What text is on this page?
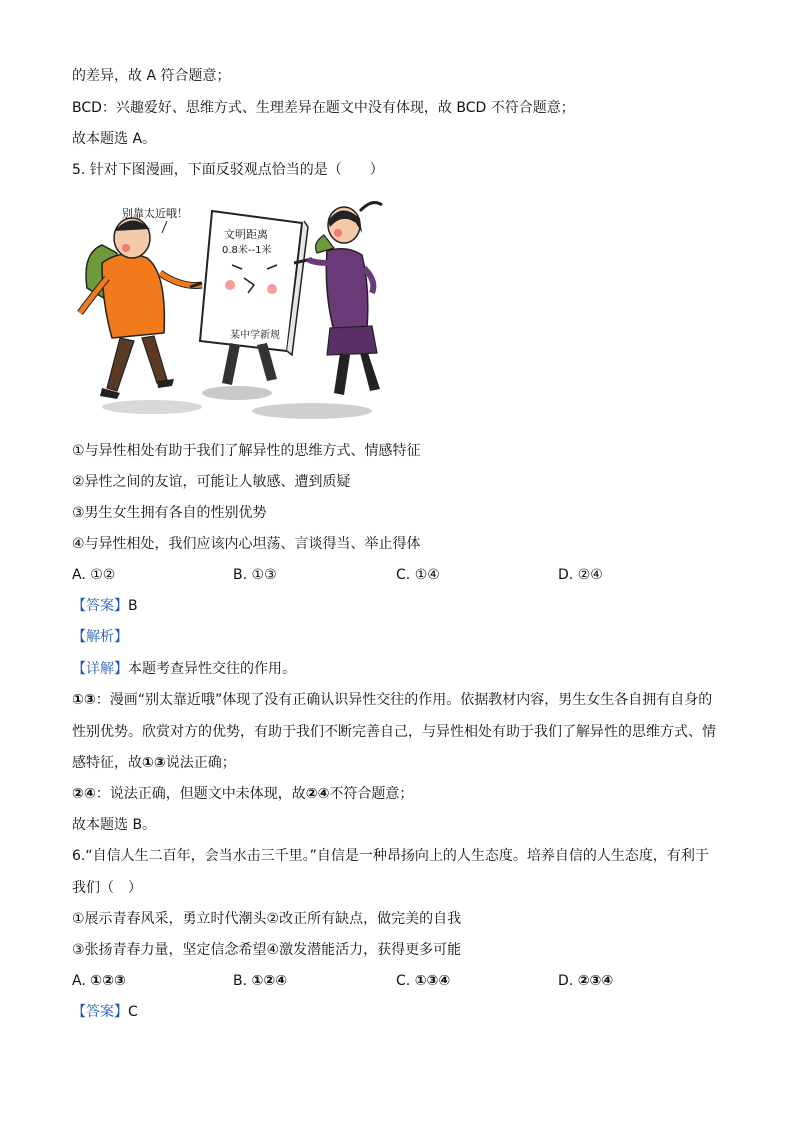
的差异，故 A 符合题意；
BCD：兴趣爱好、思维方式、生理差异在题文中没有体现，故 BCD 不符合题意；
故本题选 A。
5. 针对下图漫画，下面反驳观点恰当的是（　　）
别靠太近哦！
文明距离
0.8米--1米
某中学新规
①与异性相处有助于我们了解异性的思维方式、情感特征
②异性之间的友谊，可能让人敏感、遭到质疑
③男生女生拥有各自的性别优势
④与异性相处，我们应该内心坦荡、言谈得当、举止得体
A. ①②	B. ①③	C. ①④	D. ②④
【答案】B
【解析】
【详解】本题考查异性交往的作用。
①③：漫画“别太靠近哦”体现了没有正确认识异性交往的作用。依据教材内容，男生女生各自拥有自身的
性别优势。欣赏对方的优势，有助于我们不断完善自己，与异性相处有助于我们了解异性的思维方式、情
感特征，故①③说法正确；
②④：说法正确，但题文中未体现，故②④不符合题意；
故本题选 B。
6.“自信人生二百年，会当水击三千里。”自信是一种昂扬向上的人生态度。培养自信的人生态度，有利于
我们（　）
①展示青春风采，勇立时代潮头②改正所有缺点，做完美的自我
③张扬青春力量，坚定信念希望④激发潜能活力，获得更多可能
A. ①②③	B. ①②④	C. ①③④	D. ②③④
【答案】C
